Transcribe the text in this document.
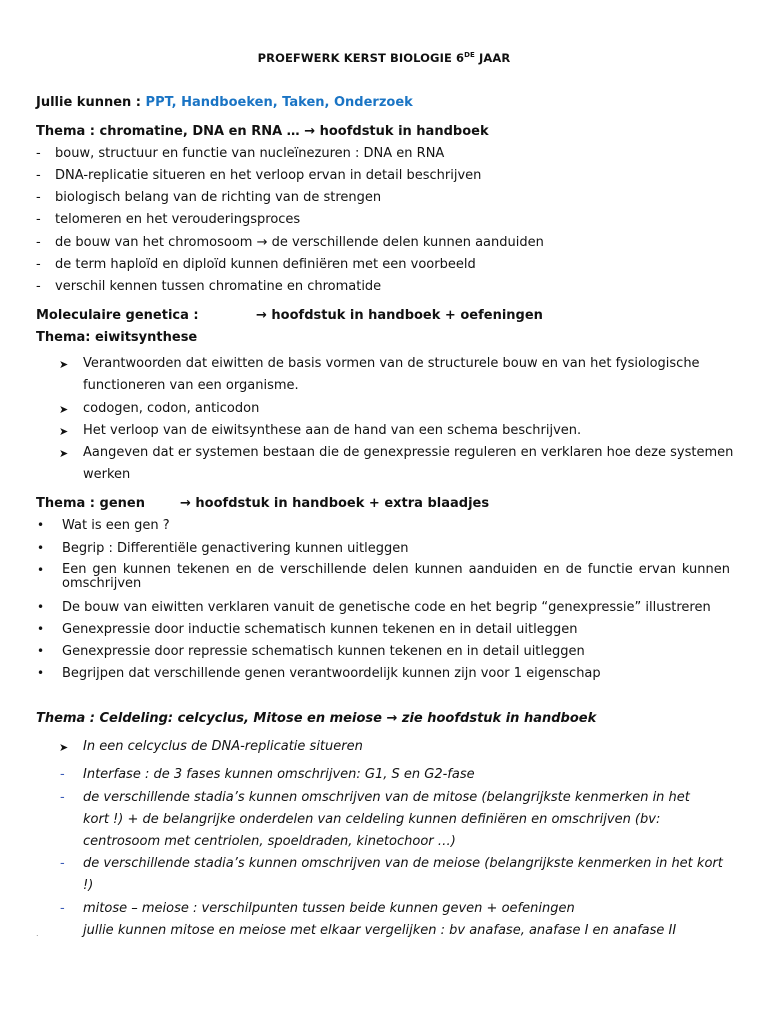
PROEFWERK KERST BIOLOGIE 6DE JAAR
Jullie kunnen : PPT, Handboeken, Taken, Onderzoek
Thema : chromatine, DNA en RNA … → hoofdstuk in handboek
- bouw, structuur en functie van nucleïnezuren : DNA en RNA
- DNA-replicatie situeren en het verloop ervan in detail beschrijven
- biologisch belang van de richting van de strengen
- telomeren en het verouderingsproces
- de bouw van het chromosoom → de verschillende delen kunnen aanduiden
- de term haploïd en diploïd kunnen definiëren met een voorbeeld
- verschil kennen tussen chromatine en chromatide
Moleculaire genetica :	→ hoofdstuk in handboek + oefeningen
Thema: eiwitsynthese
➤ Verantwoorden dat eiwitten de basis vormen van de structurele bouw en van het fysiologische
functioneren van een organisme.
➤ codogen, codon, anticodon
➤ Het verloop van de eiwitsynthese aan de hand van een schema beschrijven.
➤ Aangeven dat er systemen bestaan die de genexpressie reguleren en verklaren hoe deze systemen
werken
Thema : genen	→ hoofdstuk in handboek + extra blaadjes
• Wat is een gen ?
• Begrip : Differentiële genactivering kunnen uitleggen
• Een gen kunnen tekenen en de verschillende delen kunnen aanduiden en de functie ervan kunnen omschrijven
• De bouw van eiwitten verklaren vanuit de genetische code en het begrip “genexpressie” illustreren
• Genexpressie door inductie schematisch kunnen tekenen en in detail uitleggen
• Genexpressie door repressie schematisch kunnen tekenen en in detail uitleggen
• Begrijpen dat verschillende genen verantwoordelijk kunnen zijn voor 1 eigenschap
Thema : Celdeling: celcyclus, Mitose en meiose → zie hoofdstuk in handboek
➤ In een celcyclus de DNA-replicatie situeren
- Interfase : de 3 fases kunnen omschrijven: G1, S en G2-fase
- de verschillende stadia’s kunnen omschrijven van de mitose (belangrijkste kenmerken in het
kort !) + de belangrijke onderdelen van celdeling kunnen definiëren en omschrijven (bv:
centrosoom met centriolen, spoeldraden, kinetochoor …)
- de verschillende stadia’s kunnen omschrijven van de meiose (belangrijkste kenmerken in het kort
!)
- mitose – meiose : verschilpunten tussen beide kunnen geven + oefeningen
.	jullie kunnen mitose en meiose met elkaar vergelijken : bv anafase, anafase I en anafase II
